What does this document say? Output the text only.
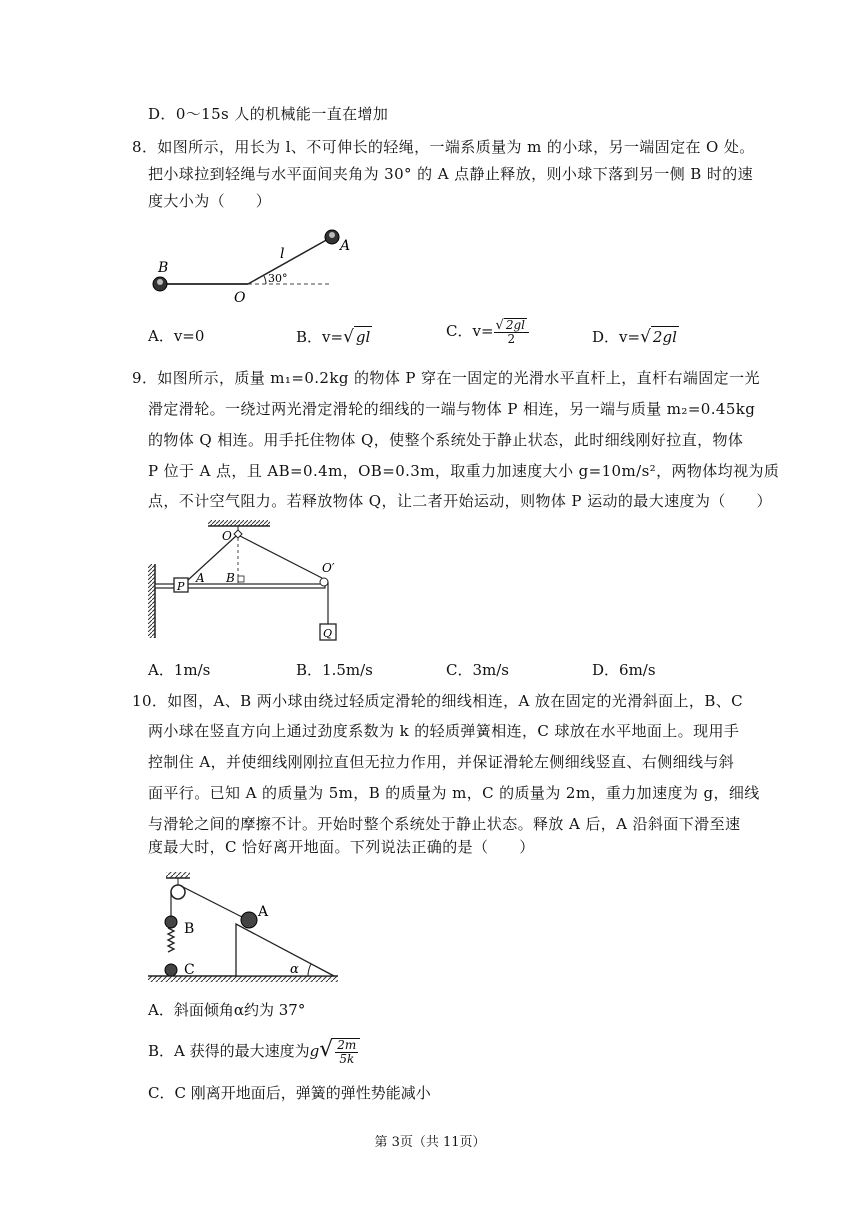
D．0～15s 人的机械能一直在增加
8．如图所示，用长为 l、不可伸长的轻绳，一端系质量为 m 的小球，另一端固定在 O 处。
把小球拉到轻绳与水平面间夹角为 30° 的 A 点静止释放，则小球下落到另一侧 B 时的速
度大小为（　　）
B
O
A
l
30°
A．v=0	B．v=√ gl	C．$v= \frac{√ 2gl}{2}$	D．v=√ 2gl
9．如图所示，质量 m₁=0.2kg 的物体 P 穿在一固定的光滑水平直杆上，直杆右端固定一光
滑定滑轮。一绕过两光滑定滑轮的细线的一端与物体 P 相连，另一端与质量 m₂=0.45kg
的物体 Q 相连。用手托住物体 Q，使整个系统处于静止状态，此时细线刚好拉直，物体
P 位于 A 点，且 AB=0.4m，OB=0.3m，取重力加速度大小 g=10m/s²，两物体均视为质
点，不计空气阻力。若释放物体 Q，让二者开始运动，则物体 P 运动的最大速度为（　　）
P
A B
O
O′
Q
A．1m/s	B．1.5m/s	C．3m/s	D．6m/s
10．如图，A、B 两小球由绕过轻质定滑轮的细线相连，A 放在固定的光滑斜面上，B、C
两小球在竖直方向上通过劲度系数为 k 的轻质弹簧相连，C 球放在水平地面上。现用手
控制住 A，并使细线刚刚拉直但无拉力作用，并保证滑轮左侧细线竖直、右侧细线与斜
面平行。已知 A 的质量为 5m，B 的质量为 m，C 的质量为 2m，重力加速度为 g，细线
与滑轮之间的摩擦不计。开始时整个系统处于静止状态。释放 A 后，A 沿斜面下滑至速
度最大时，C 恰好离开地面。下列说法正确的是（　　）
A
B
C	α
A．斜面倾角α约为 37°
B．A 获得的最大速度为$g√ \frac{2m}{5k}$
C．C 刚离开地面后，弹簧的弹性势能减小
第 3页（共 11页）
